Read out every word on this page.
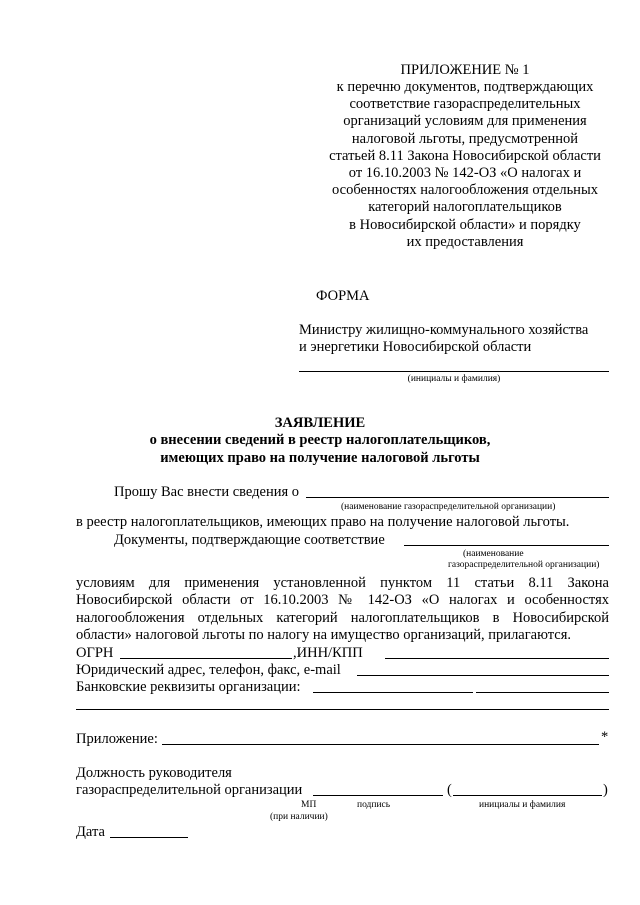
ПРИЛОЖЕНИЕ № 1
к перечню документов, подтверждающих
соответствие газораспределительных
организаций условиям для применения
налоговой льготы, предусмотренной
статьей 8.11 Закона Новосибирской области
от 16.10.2003 № 142-ОЗ «О налогах и
особенностях налогообложения отдельных
категорий налогоплательщиков
в Новосибирской области» и порядку
их предоставления
ФОРМА
Министру жилищно-коммунального хозяйства
и энергетики Новосибирской области
(инициалы и фамилия)
ЗАЯВЛЕНИЕ
о внесении сведений в реестр налогоплательщиков,
имеющих право на получение налоговой льготы
Прошу Вас внести сведения о
(наименование газораспределительной организации)
в реестр налогоплательщиков, имеющих право на получение налоговой льготы.
Документы, подтверждающие соответствие
(наименование
газораспределительной организации)
условиям для применения установленной пунктом 11 статьи 8.11 Закона
Новосибирской области от 16.10.2003 № 142-ОЗ «О налогах и особенностях
налогообложения отдельных категорий налогоплательщиков в Новосибирской
области» налоговой льготы по налогу на имущество организаций, прилагаются.
ОГРН	,ИНН/КПП
Юридический адрес, телефон, факс, e-mail
Банковские реквизиты организации:
Приложение:	*
Должность руководителя
газораспределительной организации	(	)
МП	подпись	инициалы и фамилия
(при наличии)
Дата
